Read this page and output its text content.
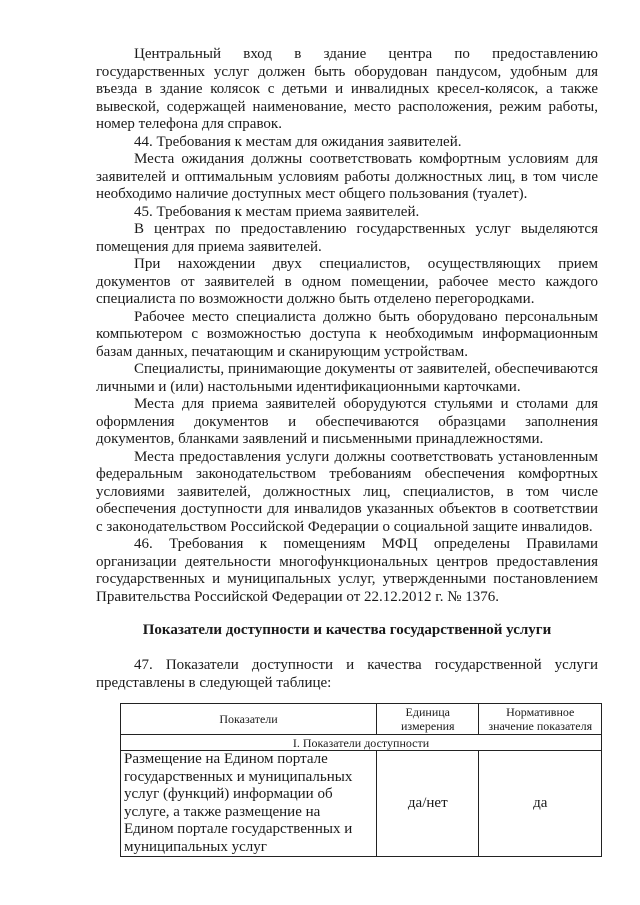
Центральный вход в здание центра по предоставлению государственных услуг должен быть оборудован пандусом, удобным для въезда в здание колясок с детьми и инвалидных кресел-колясок, а также вывеской, содержащей наименование, место расположения, режим работы, номер телефона для справок.

44. Требования к местам для ожидания заявителей.

Места ожидания должны соответствовать комфортным условиям для заявителей и оптимальным условиям работы должностных лиц, в том числе необходимо наличие доступных мест общего пользования (туалет).

45. Требования к местам приема заявителей.

В центрах по предоставлению государственных услуг выделяются помещения для приема заявителей.

При нахождении двух специалистов, осуществляющих прием документов от заявителей в одном помещении, рабочее место каждого специалиста по возможности должно быть отделено перегородками.

Рабочее место специалиста должно быть оборудовано персональным компьютером с возможностью доступа к необходимым информационным базам данных, печатающим и сканирующим устройствам.

Специалисты, принимающие документы от заявителей, обеспечиваются личными и (или) настольными идентификационными карточками.

Места для приема заявителей оборудуются стульями и столами для оформления документов и обеспечиваются образцами заполнения документов, бланками заявлений и письменными принадлежностями.

Места предоставления услуги должны соответствовать установленным федеральным законодательством требованиям обеспечения комфортных условиями заявителей, должностных лиц, специалистов, в том числе обеспечения доступности для инвалидов указанных объектов в соответствии с законодательством Российской Федерации о социальной защите инвалидов.

46. Требования к помещениям МФЦ определены Правилами организации деятельности многофункциональных центров предоставления государственных и муниципальных услуг, утвержденными постановлением Правительства Российской Федерации от 22.12.2012 г. № 1376.

Показатели доступности и качества государственной услуги

47. Показатели доступности и качества государственной услуги представлены в следующей таблице:

Показатели	Единица измерения	Нормативное значение показателя
I. Показатели доступности		
Размещение на Едином портале государственных и муниципальных услуг (функций) информации об услуге, а также размещение на Едином портале государственных и муниципальных услуг	да/нет	да
